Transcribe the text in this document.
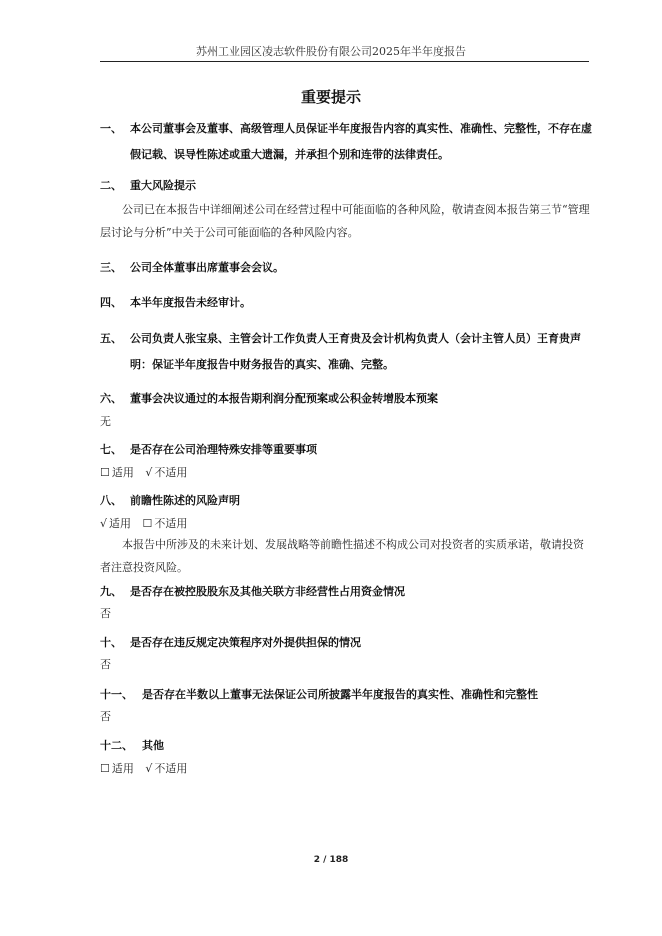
苏州工业园区凌志软件股份有限公司2025年半年度报告
重要提示
一、 本公司董事会及董事、高级管理人员保证半年度报告内容的真实性、准确性、完整性，不存在虚假记载、误导性陈述或重大遗漏，并承担个别和连带的法律责任。
二、 重大风险提示
公司已在本报告中详细阐述公司在经营过程中可能面临的各种风险，敬请查阅本报告第三节“管理层讨论与分析”中关于公司可能面临的各种风险内容。
三、 公司全体董事出席董事会会议。
四、 本半年度报告未经审计。
五、 公司负责人张宝泉、主管会计工作负责人王育贵及会计机构负责人（会计主管人员）王育贵声明：保证半年度报告中财务报告的真实、准确、完整。
六、 董事会决议通过的本报告期利润分配预案或公积金转增股本预案
无
七、 是否存在公司治理特殊安排等重要事项
☐ 适用 √ 不适用
八、 前瞻性陈述的风险声明
√ 适用 ☐ 不适用
本报告中所涉及的未来计划、发展战略等前瞻性描述不构成公司对投资者的实质承诺，敬请投资者注意投资风险。
九、 是否存在被控股股东及其他关联方非经营性占用资金情况
否
十、 是否存在违反规定决策程序对外提供担保的情况
否
十一、 是否存在半数以上董事无法保证公司所披露半年度报告的真实性、准确性和完整性
否
十二、 其他
☐ 适用 √ 不适用
2 / 188
